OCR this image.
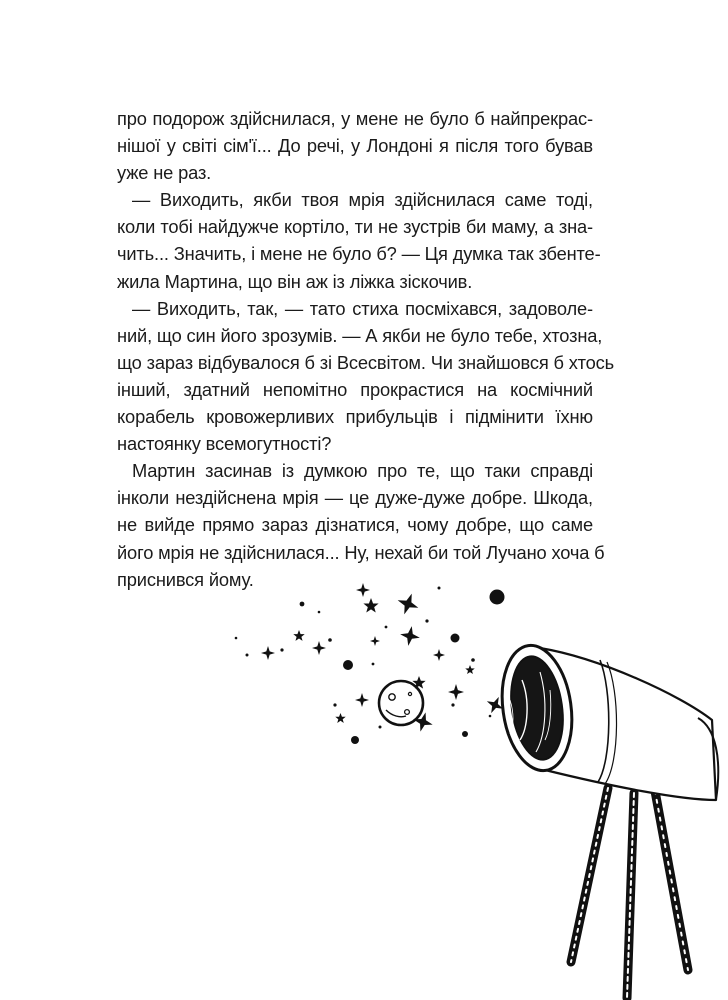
про подорож здійснилася, у мене не було б найпрекрас-
нішої у світі сім'ї... До речі, у Лондоні я після того бував
уже не раз.

— Виходить, якби твоя мрія здійснилася саме тоді,
коли тобі найдужче кортіло, ти не зустрів би маму, а зна-
чить... Значить, і мене не було б? — Ця думка так збенте-
жила Мартина, що він аж із ліжка зіскочив.

— Виходить, так, — тато стиха посміхався, задоволе-
ний, що син його зрозумів. — А якби не було тебе, хтозна,
що зараз відбувалося б зі Всесвітом. Чи знайшовся б хтось
інший, здатний непомітно прокрастися на космічний
корабель кровожерливих прибульців і підмінити їхню
настоянку всемогутності?

Мартин засинав із думкою про те, що таки справді
інколи нездійснена мрія — це дуже-дуже добре. Шкода,
не вийде прямо зараз дізнатися, чому добре, що саме
його мрія не здійснилася... Ну, нехай би той Лучано хоча б
приснився йому.
